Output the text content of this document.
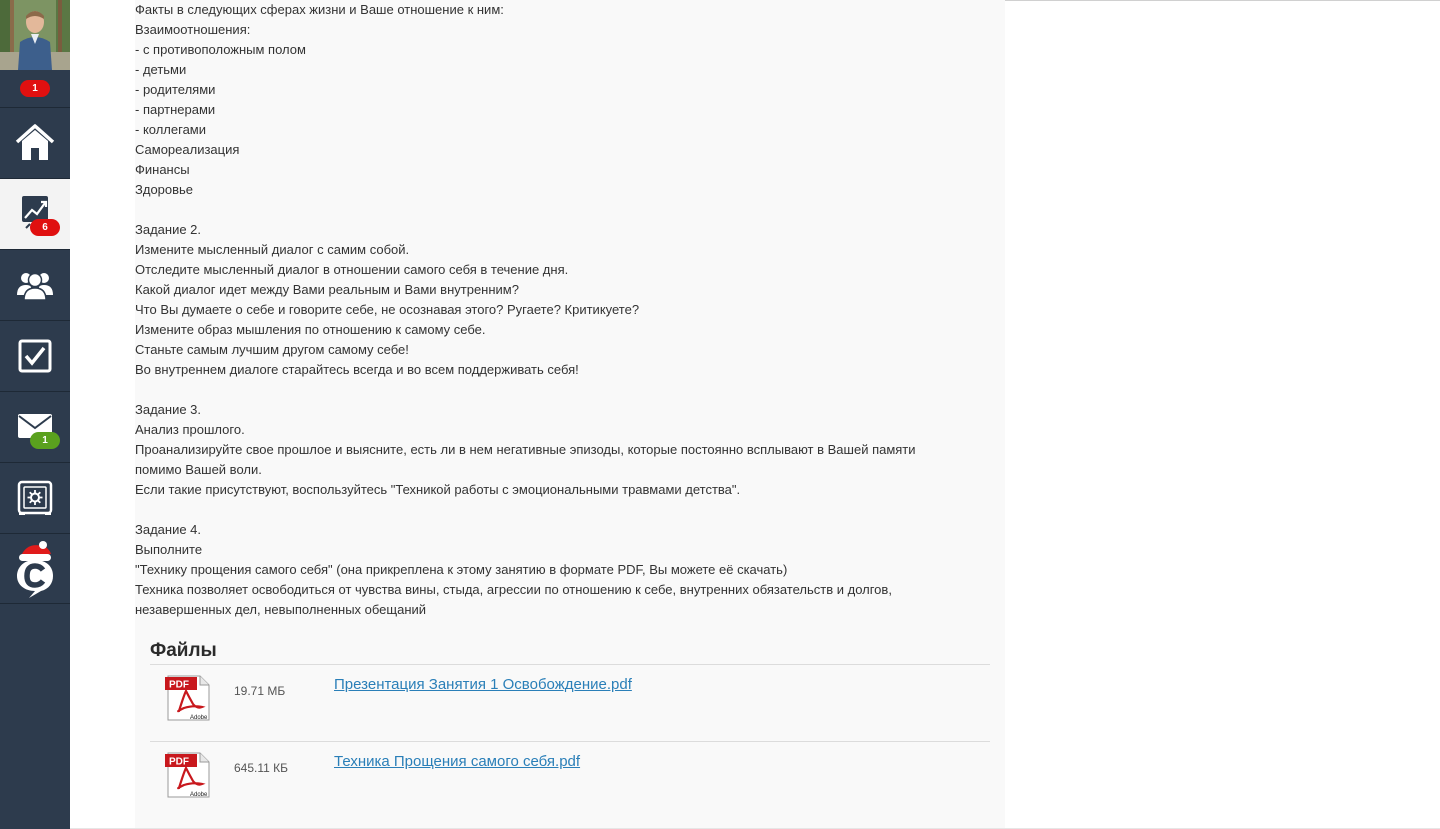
1
6
1
Факты в следующих сферах жизни и Ваше отношение к ним:
Взаимоотношения:
- с противоположным полом
- детьми
- родителями
- партнерами
- коллегами
Самореализация
Финансы
Здоровье
Задание 2.
Измените мысленный диалог с самим собой.
Отследите мысленный диалог в отношении самого себя в течение дня.
Какой диалог идет между Вами реальным и Вами внутренним?
Что Вы думаете о себе и говорите себе, не осознавая этого? Ругаете? Критикуете?
Измените образ мышления по отношению к самому себе.
Станьте самым лучшим другом самому себе!
Во внутреннем диалоге старайтесь всегда и во всем поддерживать себя!
Задание 3.
Анализ прошлого.
Проанализируйте свое прошлое и выясните, есть ли в нем негативные эпизоды, которые постоянно всплывают в Вашей памяти
помимо Вашей воли.
Если такие присутствуют, воспользуйтесь "Техникой работы с эмоциональными травмами детства".
Задание 4.
Выполните
"Технику прощения самого себя" (она прикреплена к этому занятию в формате PDF, Вы можете её скачать)
Техника позволяет освободиться от чувства вины, стыда, агрессии по отношению к себе, внутренних обязательств и долгов,
незавершенных дел, невыполненных обещаний
Файлы
PDF
Adobe
19.71 МБ	Презентация Занятия 1 Освобождение.pdf
PDF
Adobe
645.11 КБ	Техника Прощения самого себя.pdf
